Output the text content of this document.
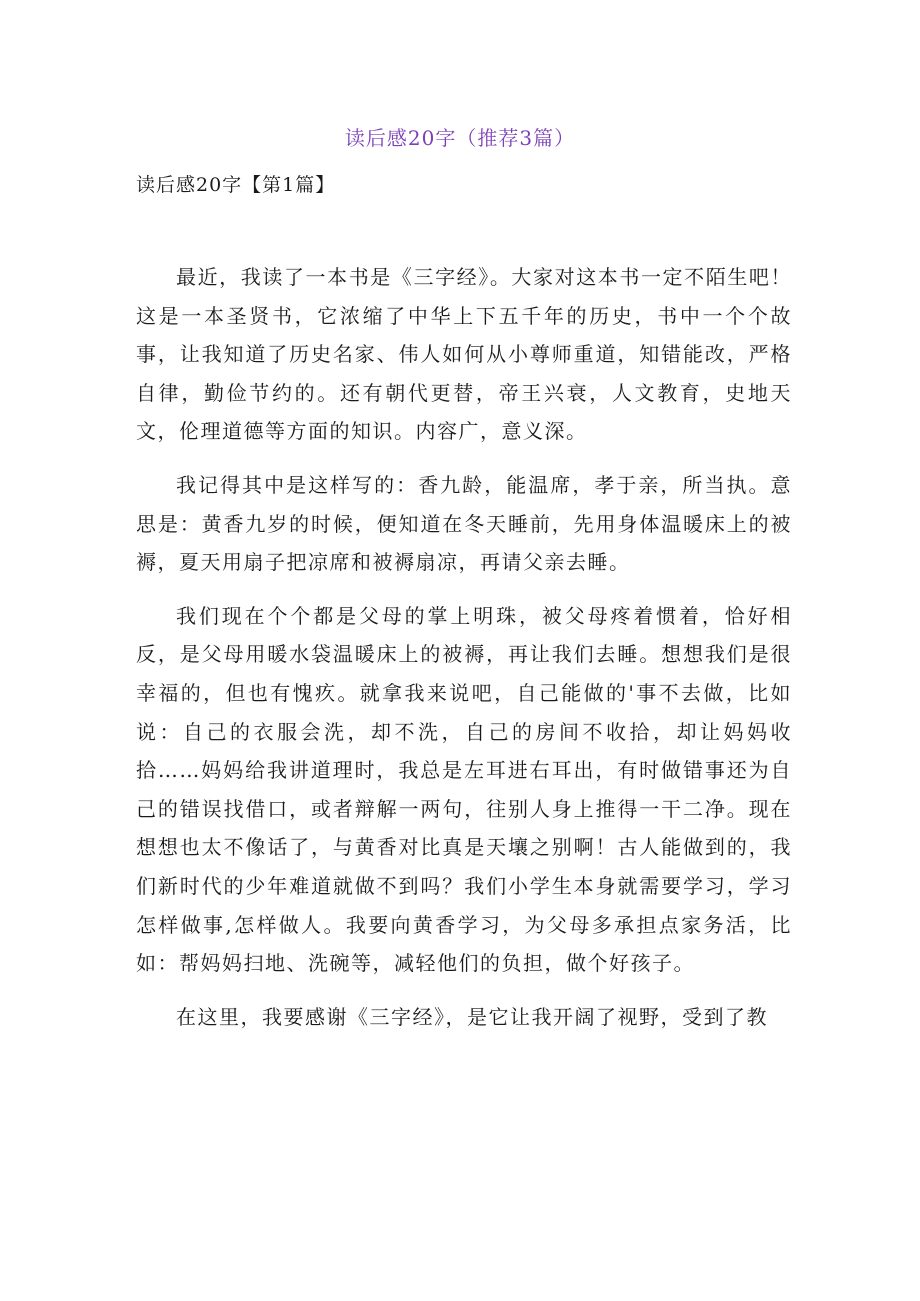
读后感20字（推荐3篇）
读后感20字【第1篇】

最近，我读了一本书是《三字经》。大家对这本书一定不陌生吧！这是一本圣贤书，它浓缩了中华上下五千年的历史，书中一个个故事，让我知道了历史名家、伟人如何从小尊师重道，知错能改，严格自律，勤俭节约的。还有朝代更替，帝王兴衰，人文教育，史地天文，伦理道德等方面的知识。内容广，意义深。

我记得其中是这样写的：香九龄，能温席，孝于亲，所当执。意思是：黄香九岁的时候，便知道在冬天睡前，先用身体温暖床上的被褥，夏天用扇子把凉席和被褥扇凉，再请父亲去睡。

我们现在个个都是父母的掌上明珠，被父母疼着惯着，恰好相反，是父母用暖水袋温暖床上的被褥，再让我们去睡。想想我们是很幸福的，但也有愧疚。就拿我来说吧，自己能做的'事不去做，比如说：自己的衣服会洗，却不洗，自己的房间不收拾，却让妈妈收拾……妈妈给我讲道理时，我总是左耳进右耳出，有时做错事还为自己的错误找借口，或者辩解一两句，往别人身上推得一干二净。现在想想也太不像话了，与黄香对比真是天壤之别啊！古人能做到的，我们新时代的少年难道就做不到吗？我们小学生本身就需要学习，学习怎样做事,怎样做人。我要向黄香学习，为父母多承担点家务活，比如：帮妈妈扫地、洗碗等，减轻他们的负担，做个好孩子。

在这里，我要感谢《三字经》，是它让我开阔了视野，受到了教
